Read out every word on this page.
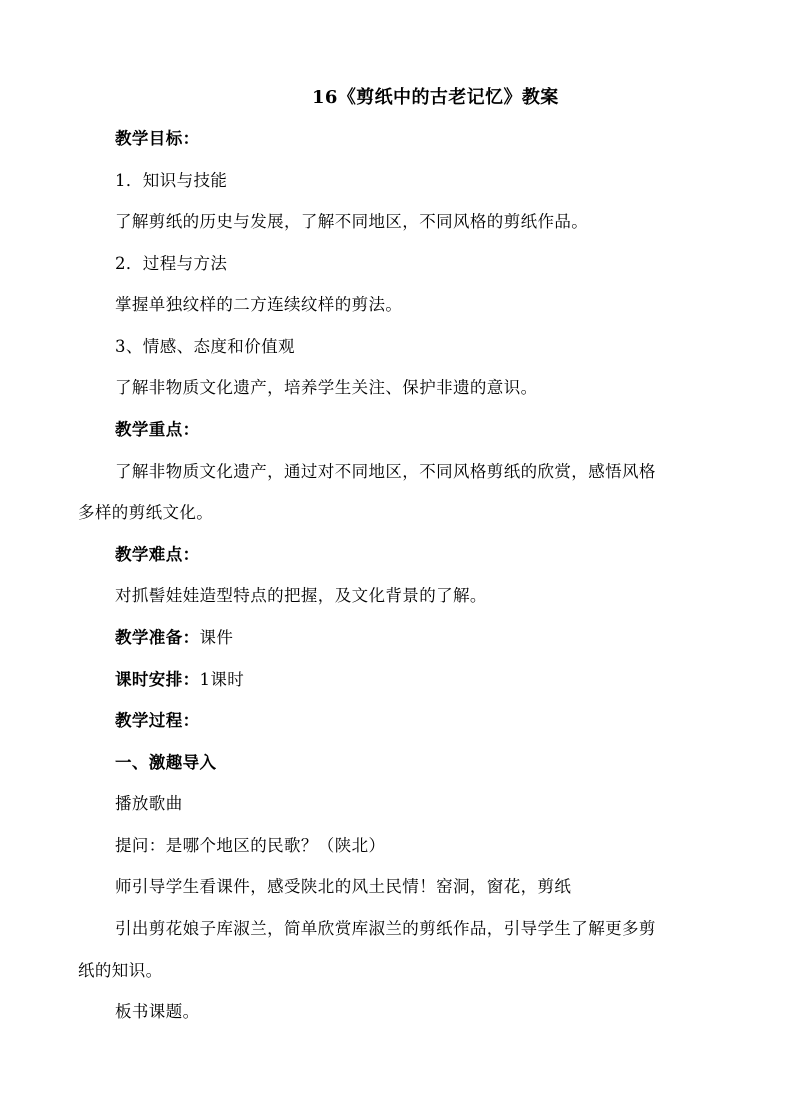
16《剪纸中的古老记忆》教案
教学目标：
1．知识与技能
了解剪纸的历史与发展，了解不同地区，不同风格的剪纸作品。
2．过程与方法
掌握单独纹样的二方连续纹样的剪法。
3、情感、态度和价值观
了解非物质文化遗产，培养学生关注、保护非遗的意识。
教学重点：
了解非物质文化遗产，通过对不同地区，不同风格剪纸的欣赏，感悟风格
多样的剪纸文化。
教学难点：
对抓髻娃娃造型特点的把握，及文化背景的了解。
教学准备：课件
课时安排：1课时
教学过程：
一、激趣导入
播放歌曲
提问：是哪个地区的民歌？（陕北）
师引导学生看课件，感受陕北的风土民情！窑洞，窗花，剪纸
引出剪花娘子库淑兰，简单欣赏库淑兰的剪纸作品，引导学生了解更多剪
纸的知识。
板书课题。
